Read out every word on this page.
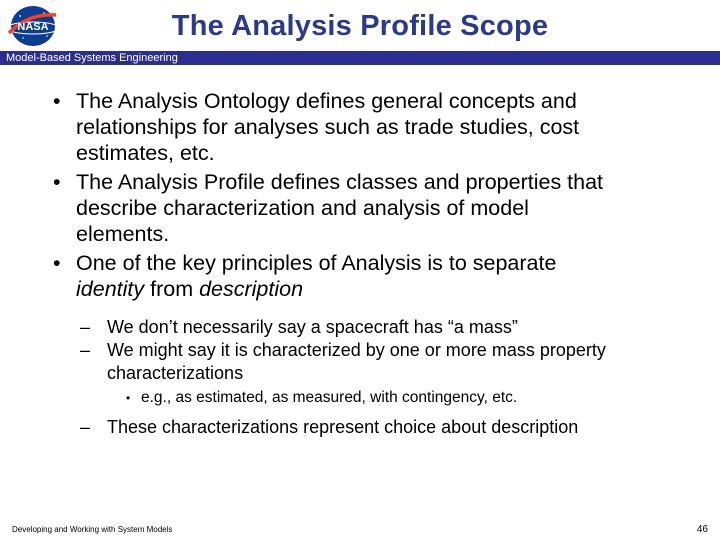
NASA	The Analysis Profile Scope
Model-Based Systems Engineering
• The Analysis Ontology defines general concepts and
relationships for analyses such as trade studies, cost
estimates, etc.
• The Analysis Profile defines classes and properties that
describe characterization and analysis of model
elements.
• One of the key principles of Analysis is to separate
identity from description
– We don’t necessarily say a spacecraft has “a mass”
– We might say it is characterized by one or more mass property
characterizations
• e.g., as estimated, as measured, with contingency, etc.
– These characterizations represent choice about description
Developing and Working with System Models	46
